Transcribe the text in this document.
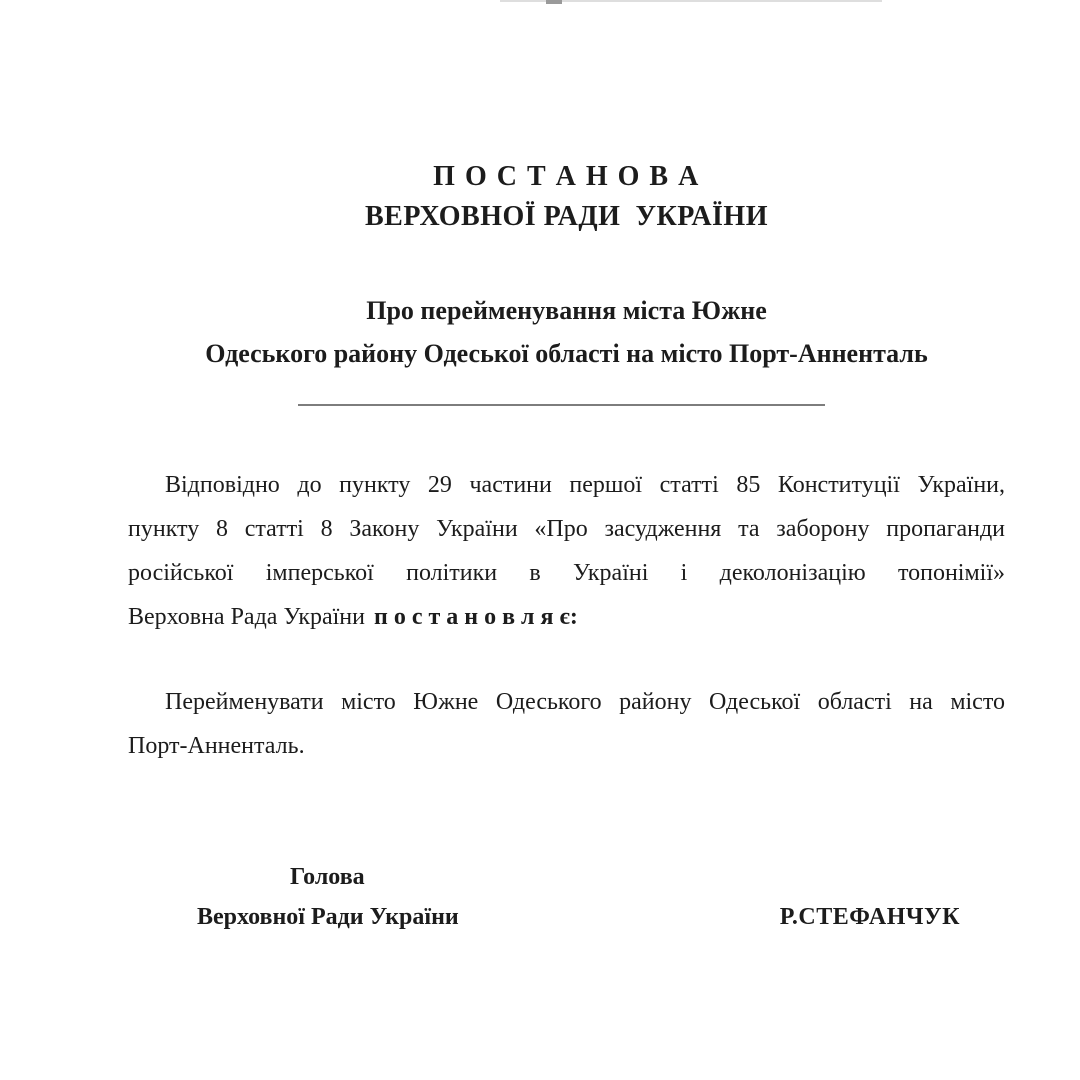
П О С Т А Н О В А
ВЕРХОВНОЇ РАДИ  УКРАЇНИ
Про перейменування міста Южне
Одеського району Одеської області на місто Порт-Анненталь
Відповідно до пункту 29 частини першої статті 85 Конституції України,
пункту 8 статті 8 Закону України «Про засудження та заборону пропаганди
російської імперської політики в Україні і деколонізацію топонімії»
Верховна Рада України п о с т а н о в л я є:
Перейменувати місто Южне Одеського району Одеської області на місто
Порт-Анненталь.
Голова
Верховної Ради України	Р.СТЕФАНЧУК
